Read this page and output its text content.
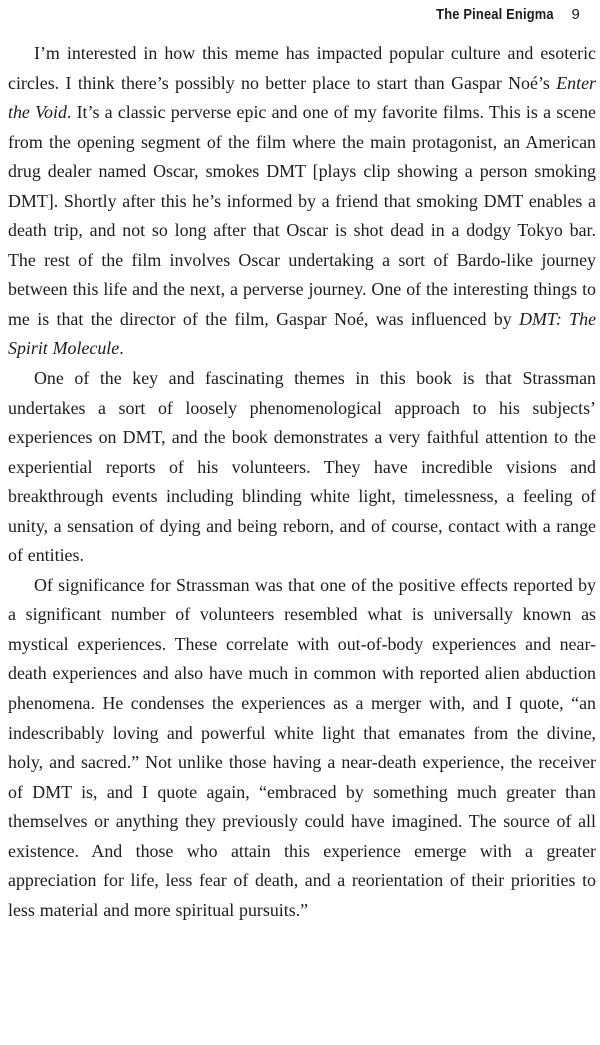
The Pineal Enigma 9

I’m interested in how this meme has impacted popular culture and esoteric circles. I think there’s possibly no better place to start than Gaspar Noé’s Enter the Void. It’s a classic perverse epic and one of my favorite films. This is a scene from the opening segment of the film where the main protagonist, an American drug dealer named Oscar, smokes DMT [plays clip showing a person smoking DMT]. Shortly after this he’s informed by a friend that smoking DMT enables a death trip, and not so long after that Oscar is shot dead in a dodgy Tokyo bar. The rest of the film involves Oscar undertaking a sort of Bardo-like journey between this life and the next, a perverse journey. One of the interesting things to me is that the director of the film, Gaspar Noé, was influenced by DMT: The Spirit Molecule.

One of the key and fascinating themes in this book is that Strassman undertakes a sort of loosely phenomenological approach to his subjects’ experiences on DMT, and the book demonstrates a very faithful attention to the experiential reports of his volunteers. They have incredible visions and breakthrough events including blinding white light, timelessness, a feeling of unity, a sensation of dying and being reborn, and of course, contact with a range of entities.

Of significance for Strassman was that one of the positive effects reported by a significant number of volunteers resembled what is universally known as mystical experiences. These correlate with out-of-body experiences and near-death experiences and also have much in common with reported alien abduction phenomena. He condenses the experiences as a merger with, and I quote, “an indescribably loving and powerful white light that emanates from the divine, holy, and sacred.” Not unlike those having a near-death experience, the receiver of DMT is, and I quote again, “embraced by something much greater than themselves or anything they previously could have imagined. The source of all existence. And those who attain this experience emerge with a greater appreciation for life, less fear of death, and a reorientation of their priorities to less material and more spiritual pursuits.”
